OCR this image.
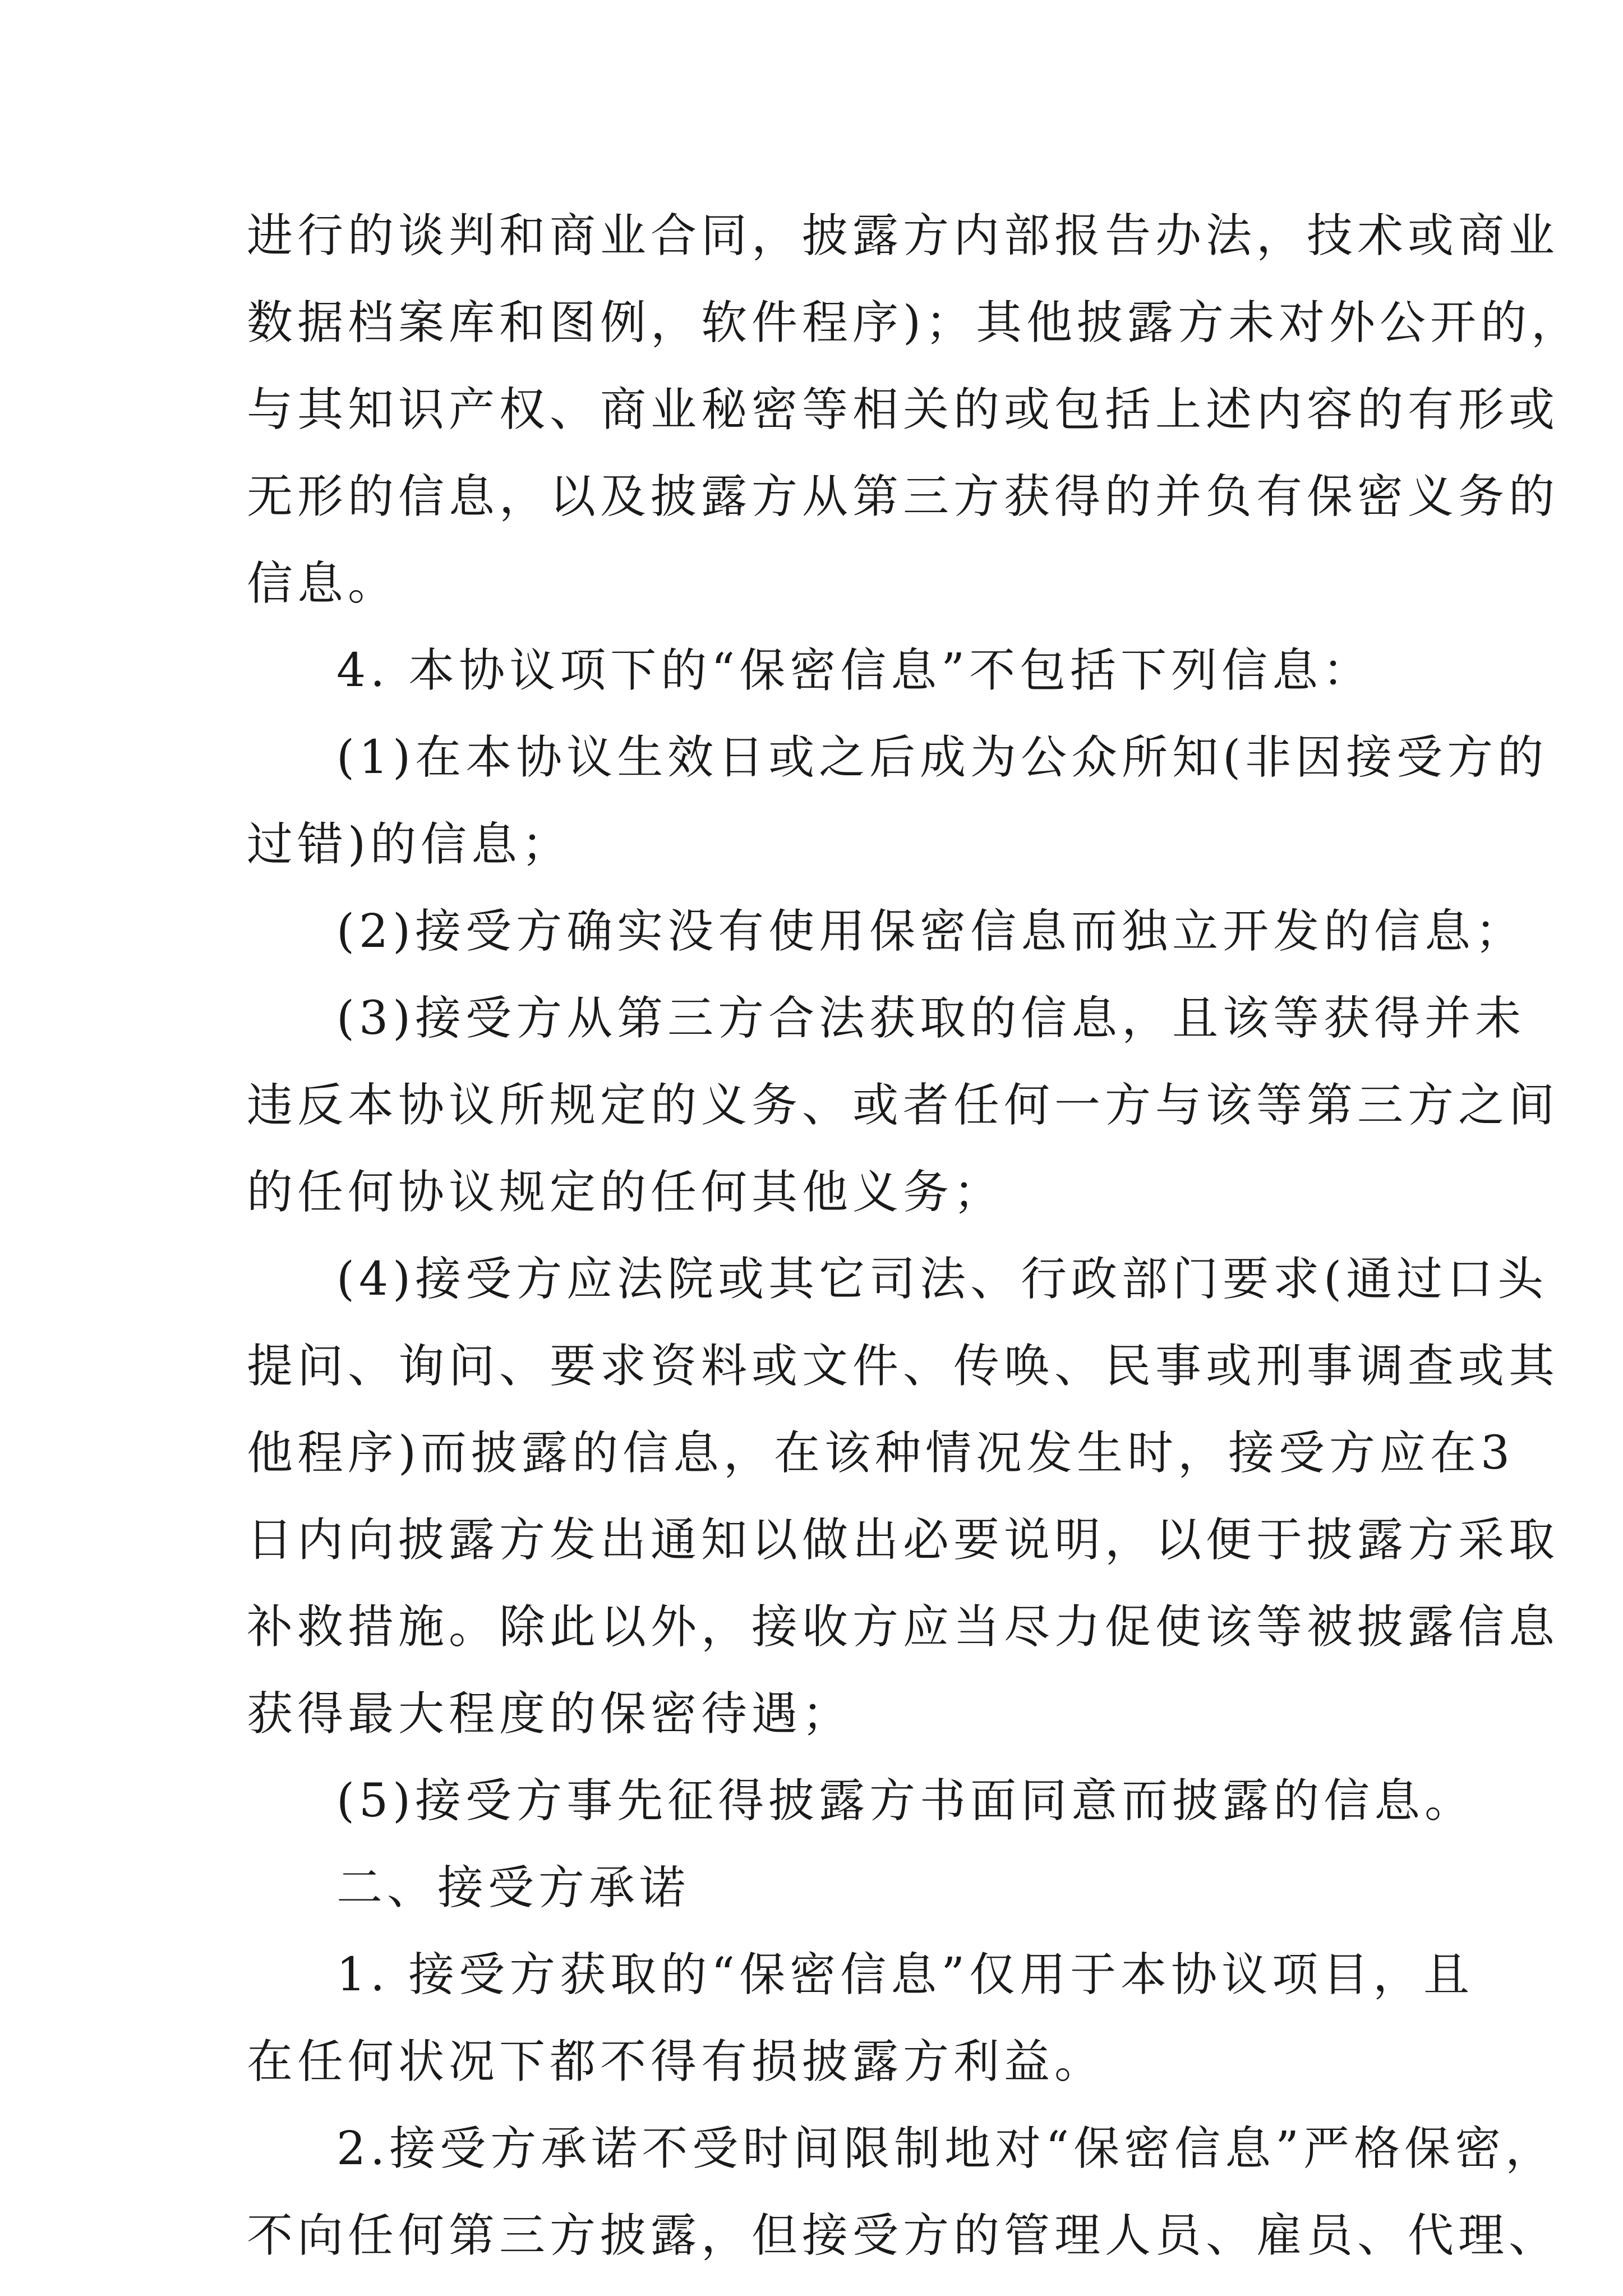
进行的谈判和商业合同，披露方内部报告办法，技术或商业

数据档案库和图例，软件程序)；其他披露方未对外公开的，

与其知识产权、商业秘密等相关的或包括上述内容的有形或

无形的信息，以及披露方从第三方获得的并负有保密义务的

信息。

4. 本协议项下的“保密信息”不包括下列信息：

(1)在本协议生效日或之后成为公众所知(非因接受方的

过错)的信息；

(2)接受方确实没有使用保密信息而独立开发的信息；

(3)接受方从第三方合法获取的信息，且该等获得并未

违反本协议所规定的义务、或者任何一方与该等第三方之间

的任何协议规定的任何其他义务；

(4)接受方应法院或其它司法、行政部门要求(通过口头

提问、询问、要求资料或文件、传唤、民事或刑事调查或其

他程序)而披露的信息，在该种情况发生时，接受方应在3

日内向披露方发出通知以做出必要说明，以便于披露方采取

补救措施。除此以外，接收方应当尽力促使该等被披露信息

获得最大程度的保密待遇；

(5)接受方事先征得披露方书面同意而披露的信息。

二、接受方承诺

1. 接受方获取的“保密信息”仅用于本协议项目，且

在任何状况下都不得有损披露方利益。

2.接受方承诺不受时间限制地对“保密信息”严格保密，

不向任何第三方披露，但接受方的管理人员、雇员、代理、
